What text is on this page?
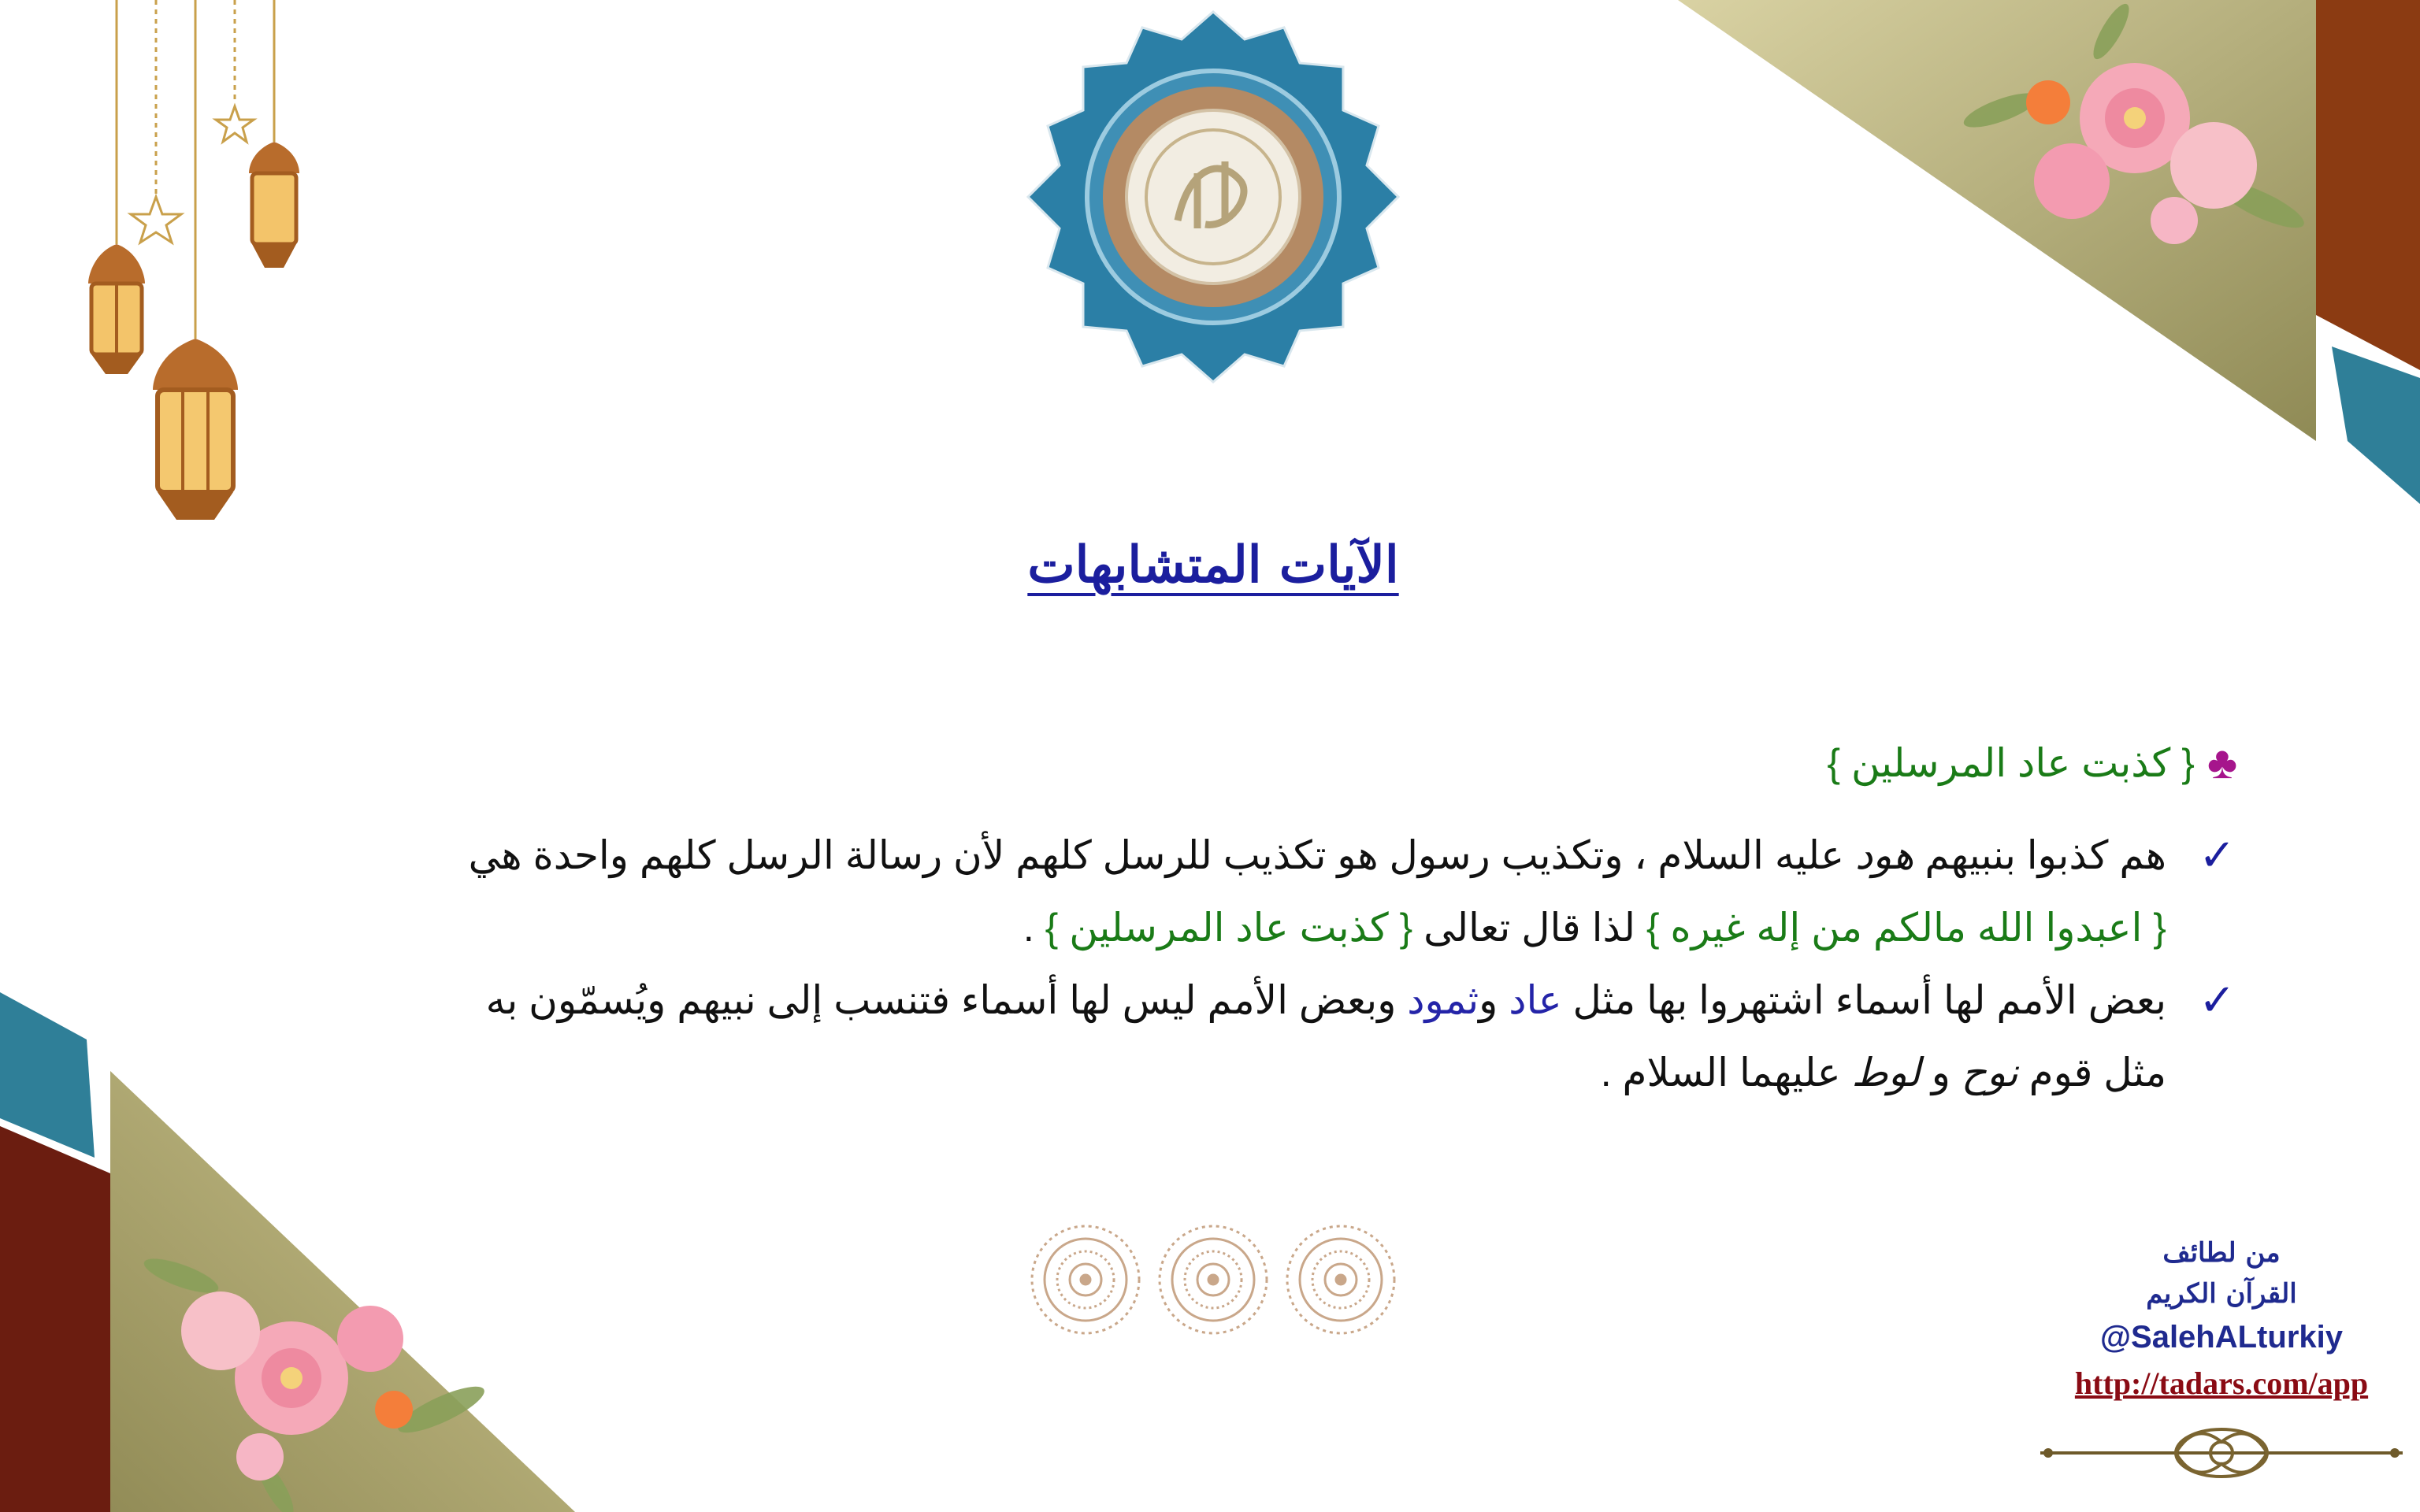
الآيات المتشابهات
♣
{ كذبت عاد المرسلين }
✓
هم كذبوا بنبيهم هود عليه السلام ، وتكذيب رسول هو تكذيب للرسل كلهم لأن رسالة الرسل كلهم واحدة هي
{ اعبدوا الله مالكم من إله غيره } لذا قال تعالى { كذبت عاد المرسلين } .
✓
بعض الأمم لها أسماء اشتهروا بها مثل عاد وثمود وبعض الأمم ليس لها أسماء فتنسب إلى نبيهم ويُسمّون به
مثل قوم نوح و لوط عليهما السلام .
من لطائف
القرآن الكريم
@SalehALturkiy
http://tadars.com/app
